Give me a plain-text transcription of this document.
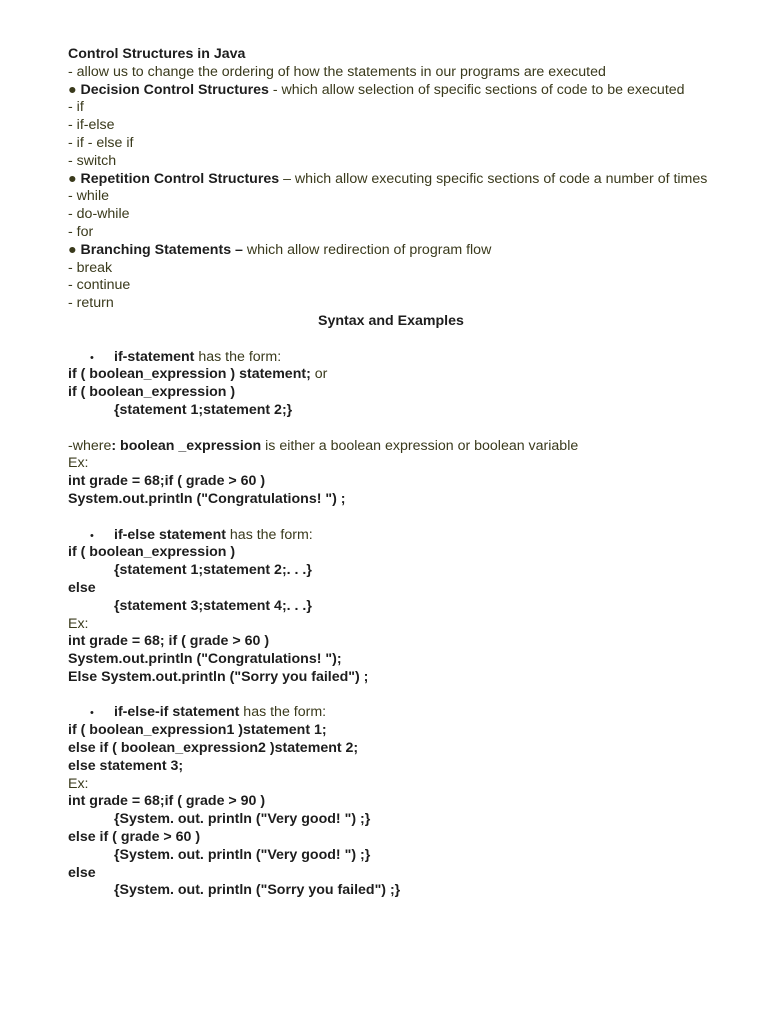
Control Structures in Java
- allow us to change the ordering of how the statements in our programs are executed
● Decision Control Structures - which allow selection of specific sections of code to be executed
- if
- if-else
- if - else if
- switch
● Repetition Control Structures – which allow executing specific sections of code a number of times
- while
- do-while
- for
● Branching Statements – which allow redirection of program flow
- break
- continue
- return
Syntax and Examples
• if-statement has the form:
if ( boolean_expression ) statement; or
if ( boolean_expression )
{statement 1;statement 2;}
-where: boolean _expression is either a boolean expression or boolean variable
Ex:
int grade = 68;if ( grade > 60 )
System.out.println ("Congratulations! ") ;
• if-else statement has the form:
if ( boolean_expression )
{statement 1;statement 2;. . .}
else
{statement 3;statement 4;. . .}
Ex:
int grade = 68; if ( grade > 60 )
System.out.println ("Congratulations! ");
Else System.out.println ("Sorry you failed") ;
• if-else-if statement has the form:
if ( boolean_expression1 )statement 1;
else if ( boolean_expression2 )statement 2;
else statement 3;
Ex:
int grade = 68;if ( grade > 90 )
{System. out. println ("Very good! ") ;}
else if ( grade > 60 )
{System. out. println ("Very good! ") ;}
else
{System. out. println ("Sorry you failed") ;}
